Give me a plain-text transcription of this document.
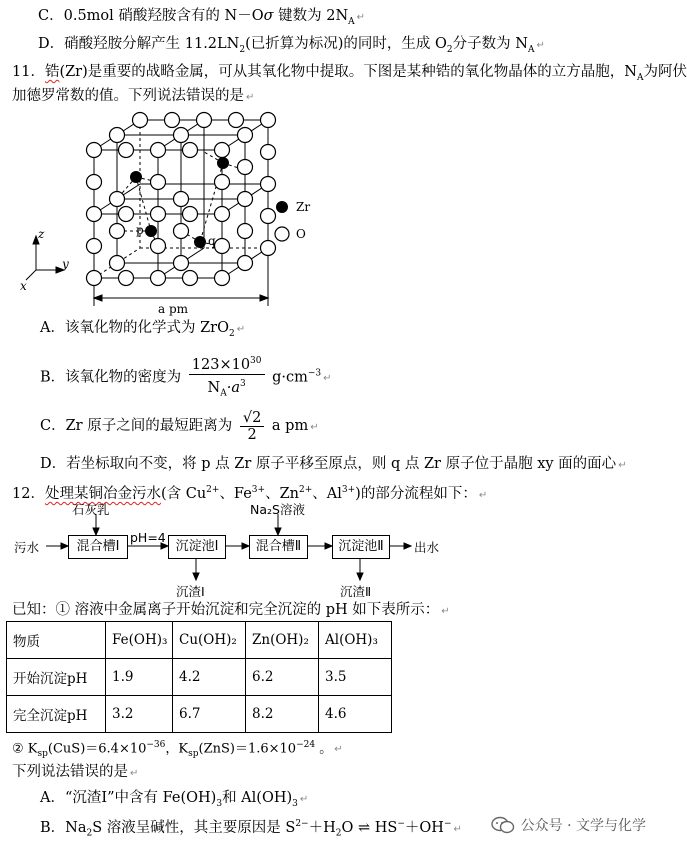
C．0.5mol 硝酸羟胺含有的 N－Oσ 键数为 $2N_A$ ↵
D．硝酸羟胺分解产生 $11.2LN_2$(已折算为标况)的同时，生成 $O_2$分子数为 $N_A$ ↵
11．锆(Zr)是重要的战略金属，可从其氧化物中提取。下图是某种锆的氧化物晶体的立方晶胞，$N_A$为阿伏
加德罗常数的值。下列说法错误的是 ↵
p
q
Zr
O
a pm
z
y
x
A．该氧化物的化学式为 ZrO$_2$ ↵
B．该氧化物的密度为 $\frac{123\times 10^{30}}{N_A\cdot a^3} g\cdot cm^{-3}$ ↵
C．Zr 原子之间的最短距离为 $\frac{√2}{2}$ a pm ↵
D．若坐标取向不变，将 p 点 Zr 原子平移至原点，则 q 点 Zr 原子位于晶胞 xy 面的面心 ↵
12．处理某铜冶金污水(含 $Cu^{2+}$、$Fe^{3+}$、$Zn^{2+}$、$Al^{3+}$)的部分流程如下： ↵
污水	混合槽Ⅰ
石灰乳
pH=4
沉淀池Ⅰ
沉渣Ⅰ
混合槽Ⅱ
Na₂S溶液
沉淀池Ⅱ
沉渣Ⅱ
出水
已知：① 溶液中金属离子开始沉淀和完全沉淀的 pH 如下表所示： ↵
物质	Fe(OH)₃	Cu(OH)₂	Zn(OH)₂	Al(OH)₃
开始沉淀pH	1.9	4.2	6.2	3.5
完全沉淀pH	3.2	6.7	8.2	4.6
② $K_{sp}(CuS)=6.4\times 10^{-36}$，$K_{sp}(ZnS)=1.6\times 10^{-24}$ 。 ↵
下列说法错误的是 ↵
A．“沉渣Ⅰ”中含有 $Fe(OH)_3$和 $Al(OH)_3$ ↵
B．$Na_2S$ 溶液呈碱性，其主要原因是 $S^{2-}+H_2O$ ⇌ HS−＋OH− ↵	公众号 · 文学与化学
